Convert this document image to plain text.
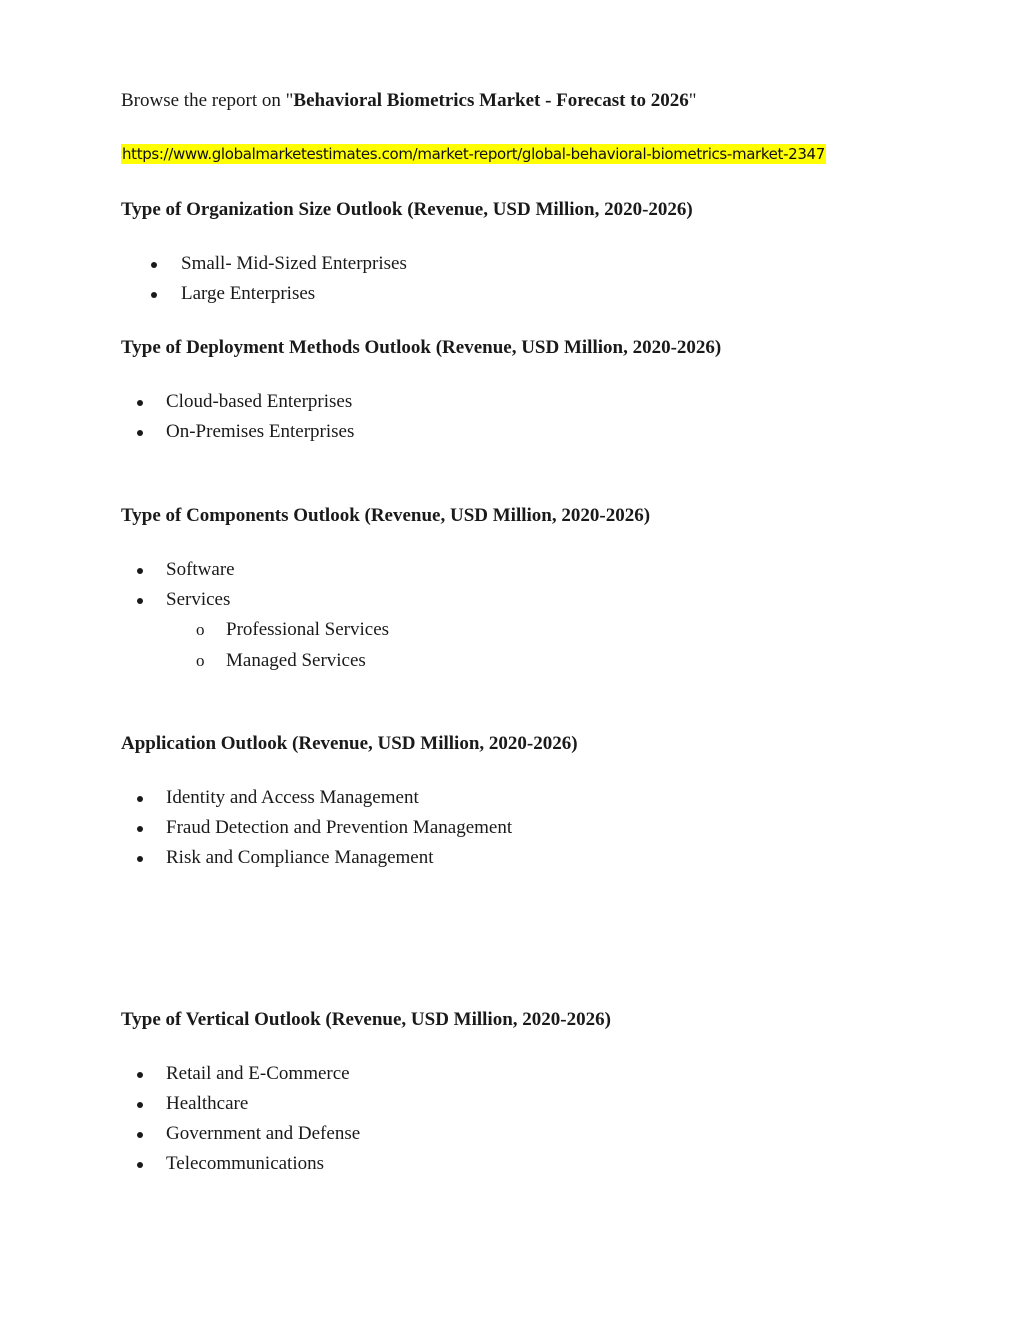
Browse the report on "Behavioral Biometrics Market - Forecast to 2026"
https://www.globalmarketestimates.com/market-report/global-behavioral-biometrics-market-2347
Type of Organization Size Outlook (Revenue, USD Million, 2020-2026)
Small- Mid-Sized Enterprises
Large Enterprises
Type of Deployment Methods Outlook (Revenue, USD Million, 2020-2026)
Cloud-based Enterprises
On-Premises Enterprises
Type of Components Outlook (Revenue, USD Million, 2020-2026)
Software
Services
o Professional Services
o Managed Services
Application Outlook (Revenue, USD Million, 2020-2026)
Identity and Access Management
Fraud Detection and Prevention Management
Risk and Compliance Management
Type of Vertical Outlook (Revenue, USD Million, 2020-2026)
Retail and E-Commerce
Healthcare
Government and Defense
Telecommunications
